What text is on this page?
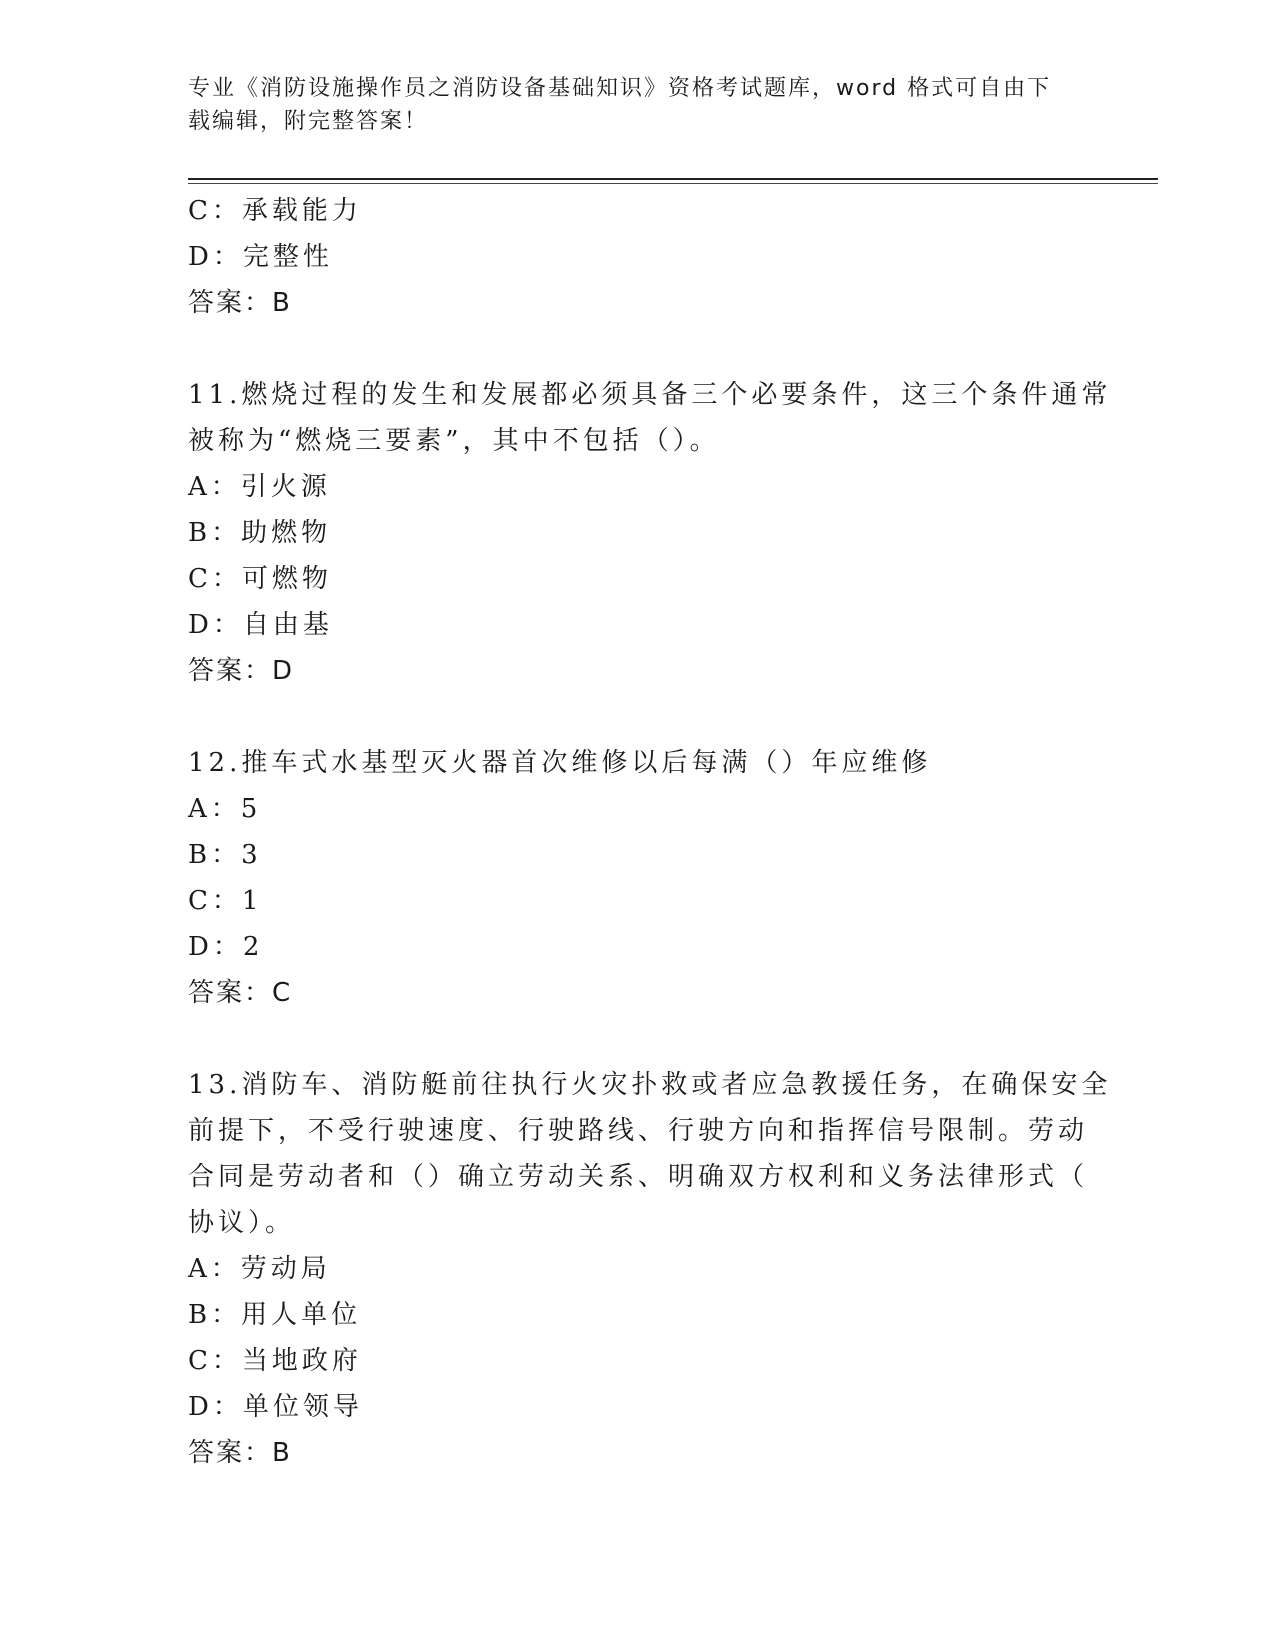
专业《消防设施操作员之消防设备基础知识》资格考试题库，word 格式可自由下
载编辑，附完整答案！
C：承载能力
D：完整性
答案：B
11.燃烧过程的发生和发展都必须具备三个必要条件，这三个条件通常
被称为“燃烧三要素”，其中不包括（）。
A：引火源
B：助燃物
C：可燃物
D：自由基
答案：D
12.推车式水基型灭火器首次维修以后每满（）年应维修
A：5
B：3
C：1
D：2
答案：C
13.消防车、消防艇前往执行火灾扑救或者应急教援任务，在确保安全
前提下，不受行驶速度、行驶路线、行驶方向和指挥信号限制。劳动
合同是劳动者和（）确立劳动关系、明确双方权利和义务法律形式（
协议）。
A：劳动局
B：用人单位
C：当地政府
D：单位领导
答案：B
